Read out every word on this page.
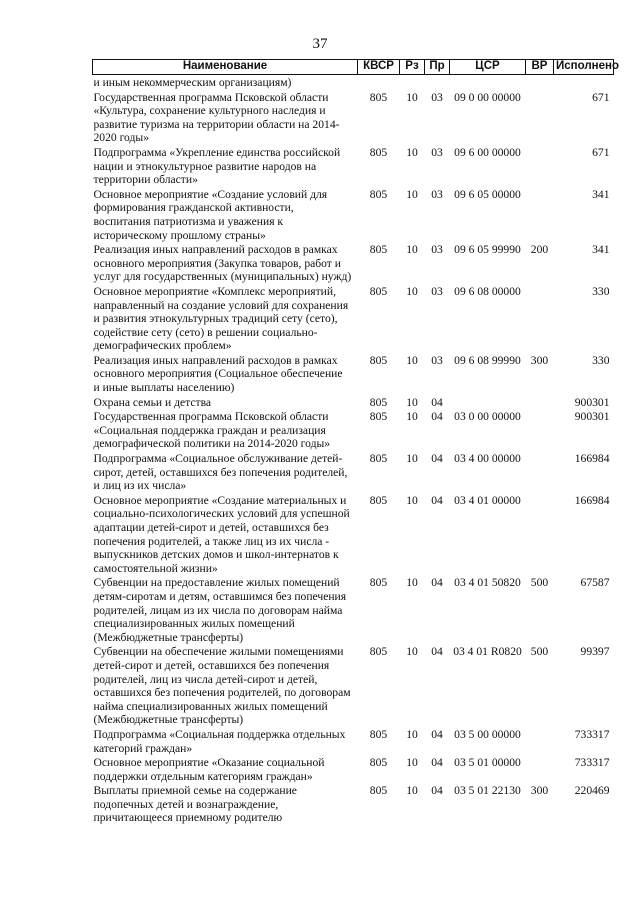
37
Наименование	КВСР	Рз	Пр	ЦСР	ВР	Исполнено
и иным некоммерческим организациям)						
Государственная программа Псковской области «Культура, сохранение культурного наследия и развитие туризма на территории области на 2014-2020 годы»	805	10	03	09 0 00 00000		671
Подпрограмма «Укрепление единства российской нации и этнокультурное развитие народов на территории области»	805	10	03	09 6 00 00000		671
Основное мероприятие «Создание условий для формирования гражданской активности, воспитания патриотизма и уважения к историческому прошлому страны»	805	10	03	09 6 05 00000		341
Реализация иных направлений расходов в рамках основного мероприятия (Закупка товаров, работ и услуг для государственных (муниципальных) нужд)	805	10	03	09 6 05 99990	200	341
Основное мероприятие «Комплекс мероприятий, направленный на создание условий для сохранения и развития этнокультурных традиций сету (сето), содействие сету (сето) в решении социально-демографических проблем»	805	10	03	09 6 08 00000		330
Реализация иных направлений расходов в рамках основного мероприятия (Социальное обеспечение и иные выплаты населению)	805	10	03	09 6 08 99990	300	330
Охрана семьи и детства	805	10	04			900301
Государственная программа Псковской области «Социальная поддержка граждан и реализация демографической политики на 2014-2020 годы»	805	10	04	03 0 00 00000		900301
Подпрограмма «Социальное обслуживание детей-сирот, детей, оставшихся без попечения родителей, и лиц из их числа»	805	10	04	03 4 00 00000		166984
Основное мероприятие «Создание материальных и социально-психологических условий для успешной адаптации детей-сирот и детей, оставшихся без попечения родителей, а также лиц из их числа - выпускников детских домов и школ-интернатов к самостоятельной жизни»	805	10	04	03 4 01 00000		166984
Субвенции на предоставление жилых помещений детям-сиротам и детям, оставшимся без попечения родителей, лицам из их числа по договорам найма специализированных жилых помещений (Межбюджетные трансферты)	805	10	04	03 4 01 50820	500	67587
Субвенции на обеспечение жилыми помещениями детей-сирот и детей, оставшихся без попечения родителей, лиц из числа детей-сирот и детей, оставшихся без попечения родителей, по договорам найма специализированных жилых помещений (Межбюджетные трансферты)	805	10	04	03 4 01 R0820	500	99397
Подпрограмма «Социальная поддержка отдельных категорий граждан»	805	10	04	03 5 00 00000		733317
Основное мероприятие «Оказание социальной поддержки отдельным категориям граждан»	805	10	04	03 5 01 00000		733317
Выплаты приемной семье на содержание подопечных детей и вознаграждение, причитающееся приемному родителю	805	10	04	03 5 01 22130	300	220469
